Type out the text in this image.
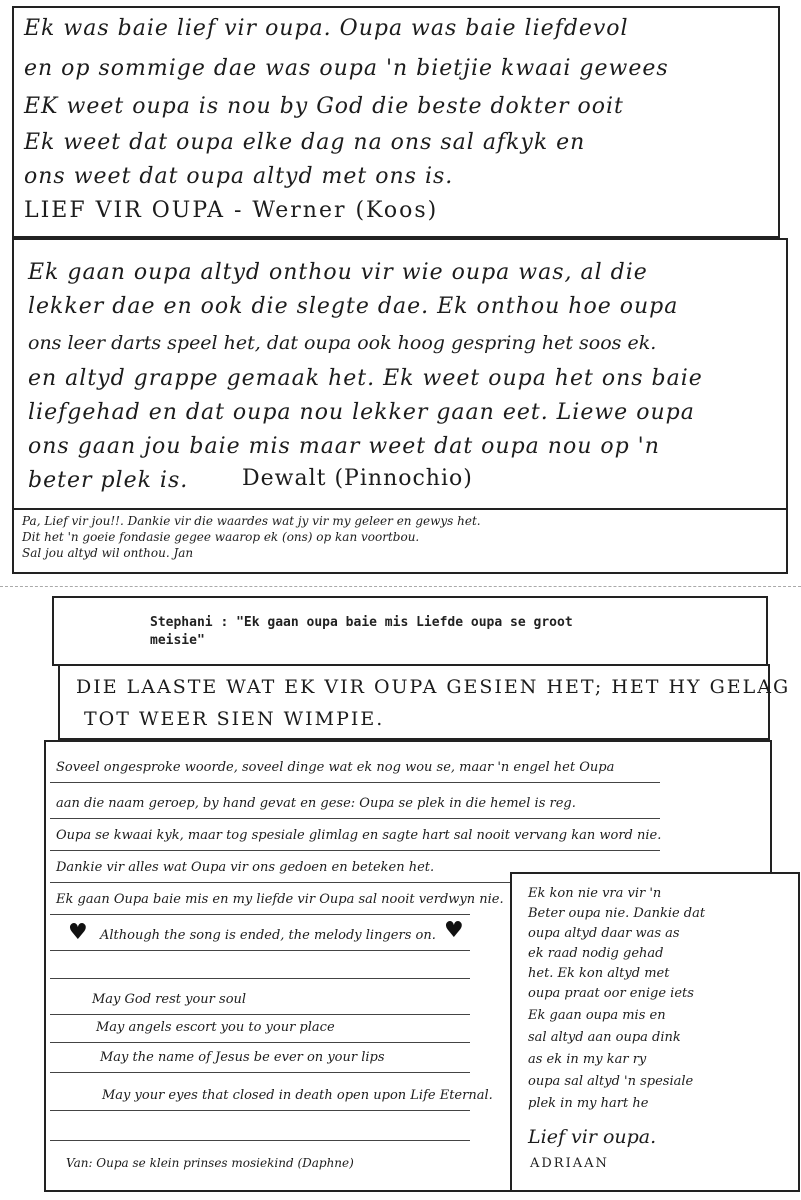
Ek was baie lief vir oupa. Oupa was baie liefdevol
en op sommige dae was oupa 'n bietjie kwaai gewees
EK weet oupa is nou by God die beste dokter ooit
Ek weet dat oupa elke dag na ons sal afkyk en
ons weet dat oupa altyd met ons is.
LIEF VIR OUPA - Werner (Koos)
Ek gaan oupa altyd onthou vir wie oupa was, al die
lekker dae en ook die slegte dae. Ek onthou hoe oupa
ons leer darts speel het, dat oupa ook hoog gespring het soos ek.
en altyd grappe gemaak het. Ek weet oupa het ons baie
liefgehad en dat oupa nou lekker gaan eet. Liewe oupa
ons gaan jou baie mis maar weet dat oupa nou op 'n
beter plek is. Dewalt (Pinnochio)
Pa, Lief vir jou!!. Dankie vir die waardes wat jy vir my geleer en gewys het.
Dit het 'n goeie fondasie gegee waarop ek (ons) op kan voortbou.
Sal jou altyd wil onthou. Jan
Stephani : "Ek gaan oupa baie mis Liefde oupa se groot
meisie"
DIE LAASTE WAT EK VIR OUPA GESIEN HET; HET HY GELAG
TOT WEER SIEN WIMPIE.
Soveel ongesproke woorde, soveel dinge wat ek nog wou se, maar 'n engel het Oupa
aan die naam geroep, by hand gevat en gese: Oupa se plek in die hemel is reg.
Oupa se kwaai kyk, maar tog spesiale glimlag en sagte hart sal nooit vervang kan word nie.
Dankie vir alles wat Oupa vir ons gedoen en beteken het.
Ek gaan Oupa baie mis en my liefde vir Oupa sal nooit verdwyn nie.
♥ Although the song is ended, the melody lingers on. ♥
May God rest your soul
May angels escort you to your place
May the name of Jesus be ever on your lips
May your eyes that closed in death open upon Life Eternal.
Van: Oupa se klein prinses mosiekind (Daphne)
Ek kon nie vra vir 'n
Beter oupa nie. Dankie dat
oupa altyd daar was as
ek raad nodig gehad
het. Ek kon altyd met
oupa praat oor enige iets
Ek gaan oupa mis en
sal altyd aan oupa dink
as ek in my kar ry
oupa sal altyd 'n spesiale
plek in my hart he
Lief vir oupa.
ADRIAAN
